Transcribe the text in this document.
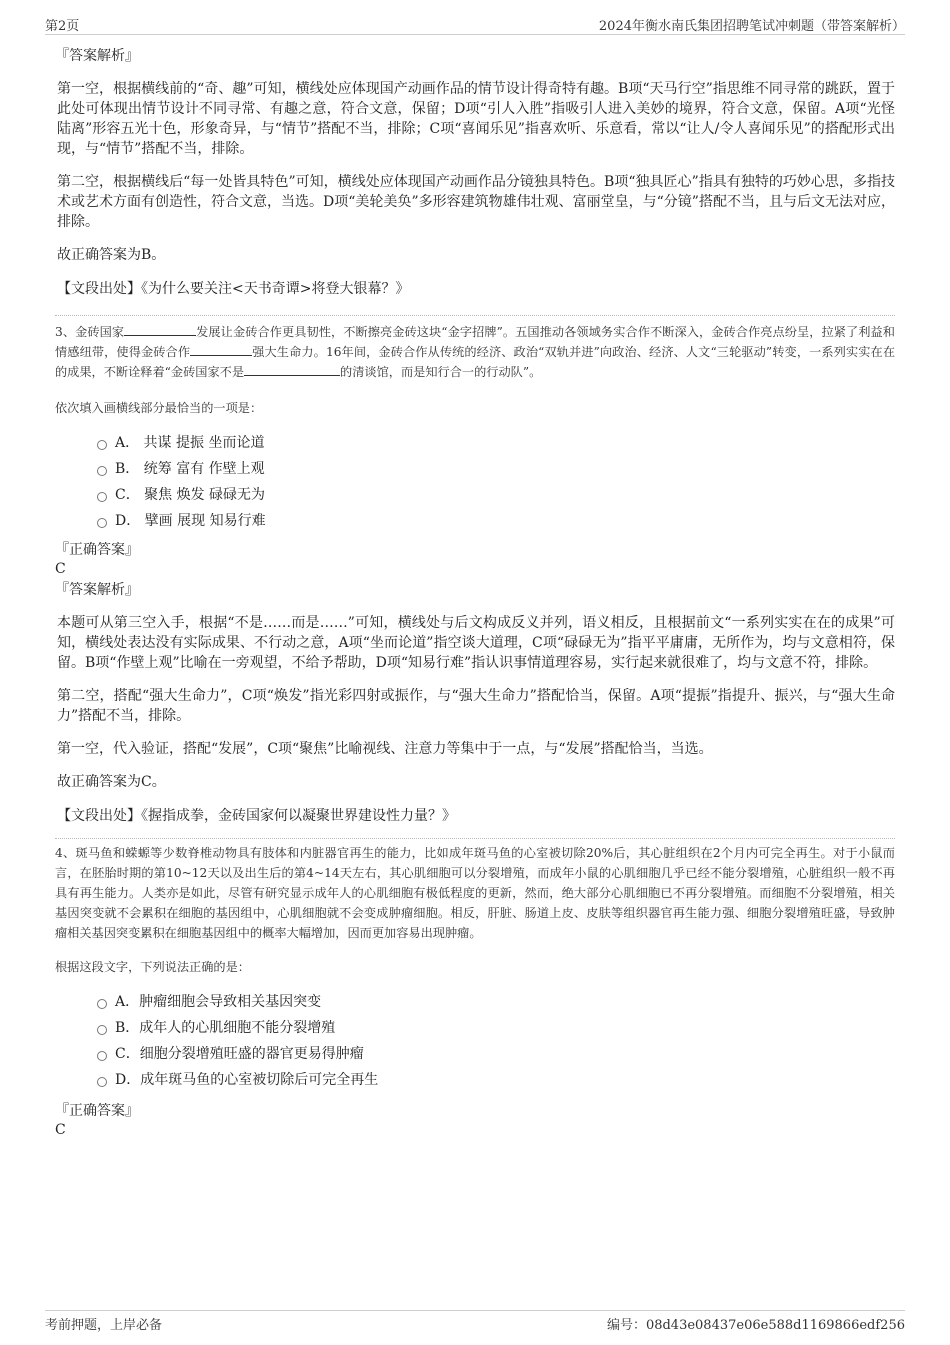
第2页	2024年衡水南氏集团招聘笔试冲刺题（带答案解析）

『答案解析』

第一空，根据横线前的“奇、趣”可知，横线处应体现国产动画作品的情节设计得奇特有趣。B项“天马行空”指思维不同寻常的跳跃，置于此处可体现出情节设计不同寻常、有趣之意，符合文意，保留；D项“引人入胜”指吸引人进入美妙的境界，符合文意，保留。A项“光怪陆离”形容五光十色，形象奇异，与“情节”搭配不当，排除；C项“喜闻乐见”指喜欢听、乐意看，常以“让人/令人喜闻乐见”的搭配形式出现，与“情节”搭配不当，排除。

第二空，根据横线后“每一处皆具特色”可知，横线处应体现国产动画作品分镜独具特色。B项“独具匠心”指具有独特的巧妙心思，多指技术或艺术方面有创造性，符合文意，当选。D项“美轮美奂”多形容建筑物雄伟壮观、富丽堂皇，与“分镜”搭配不当，且与后文无法对应，排除。

故正确答案为B。

【文段出处】《为什么要关注<天书奇谭>将登大银幕？》

3、金砖国家	发展让金砖合作更具韧性，不断擦亮金砖这块“金字招牌”。五国推动各领域务实合作不断深入，金砖合作亮点纷呈，拉紧了利益和情感纽带，使得金砖合作	强大生命力。16年间，金砖合作从传统的经济、政治“双轨并进”向政治、经济、人文“三轮驱动”转变，一系列实实在在的成果，不断诠释着“金砖国家不是	的清谈馆，而是知行合一的行动队”。

依次填入画横线部分最恰当的一项是：

A． 共谋 提振 坐而论道
B． 统筹 富有 作壁上观
C． 聚焦 焕发 碌碌无为
D． 擘画 展现 知易行难

『正确答案』

C

『答案解析』

本题可从第三空入手，根据“不是……而是……”可知，横线处与后文构成反义并列，语义相反，且根据前文“一系列实实在在的成果”可知，横线处表达没有实际成果、不行动之意，A项“坐而论道”指空谈大道理，C项“碌碌无为”指平平庸庸，无所作为，均与文意相符，保留。B项“作壁上观”比喻在一旁观望，不给予帮助，D项“知易行难”指认识事情道理容易，实行起来就很难了，均与文意不符，排除。

第二空，搭配“强大生命力”，C项“焕发”指光彩四射或振作，与“强大生命力”搭配恰当，保留。A项“提振”指提升、振兴，与“强大生命力”搭配不当，排除。

第一空，代入验证，搭配“发展”，C项“聚焦”比喻视线、注意力等集中于一点，与“发展”搭配恰当，当选。

故正确答案为C。

【文段出处】《握指成拳，金砖国家何以凝聚世界建设性力量？》

4、斑马鱼和蝾螈等少数脊椎动物具有肢体和内脏器官再生的能力，比如成年斑马鱼的心室被切除20%后，其心脏组织在2个月内可完全再生。对于小鼠而言，在胚胎时期的第10~12天以及出生后的第4~14天左右，其心肌细胞可以分裂增殖，而成年小鼠的心肌细胞几乎已经不能分裂增殖，心脏组织一般不再具有再生能力。人类亦是如此，尽管有研究显示成年人的心肌细胞有极低程度的更新，然而，绝大部分心肌细胞已不再分裂增殖。而细胞不分裂增殖，相关基因突变就不会累积在细胞的基因组中，心肌细胞就不会变成肿瘤细胞。相反，肝脏、肠道上皮、皮肤等组织器官再生能力强、细胞分裂增殖旺盛，导致肿瘤相关基因突变累积在细胞基因组中的概率大幅增加，因而更加容易出现肿瘤。

根据这段文字，下列说法正确的是：

A．肿瘤细胞会导致相关基因突变
B．成年人的心肌细胞不能分裂增殖
C．细胞分裂增殖旺盛的器官更易得肿瘤
D．成年斑马鱼的心室被切除后可完全再生

『正确答案』

C

考前押题，上岸必备	编号：08d43e08437e06e588d1169866edf256
